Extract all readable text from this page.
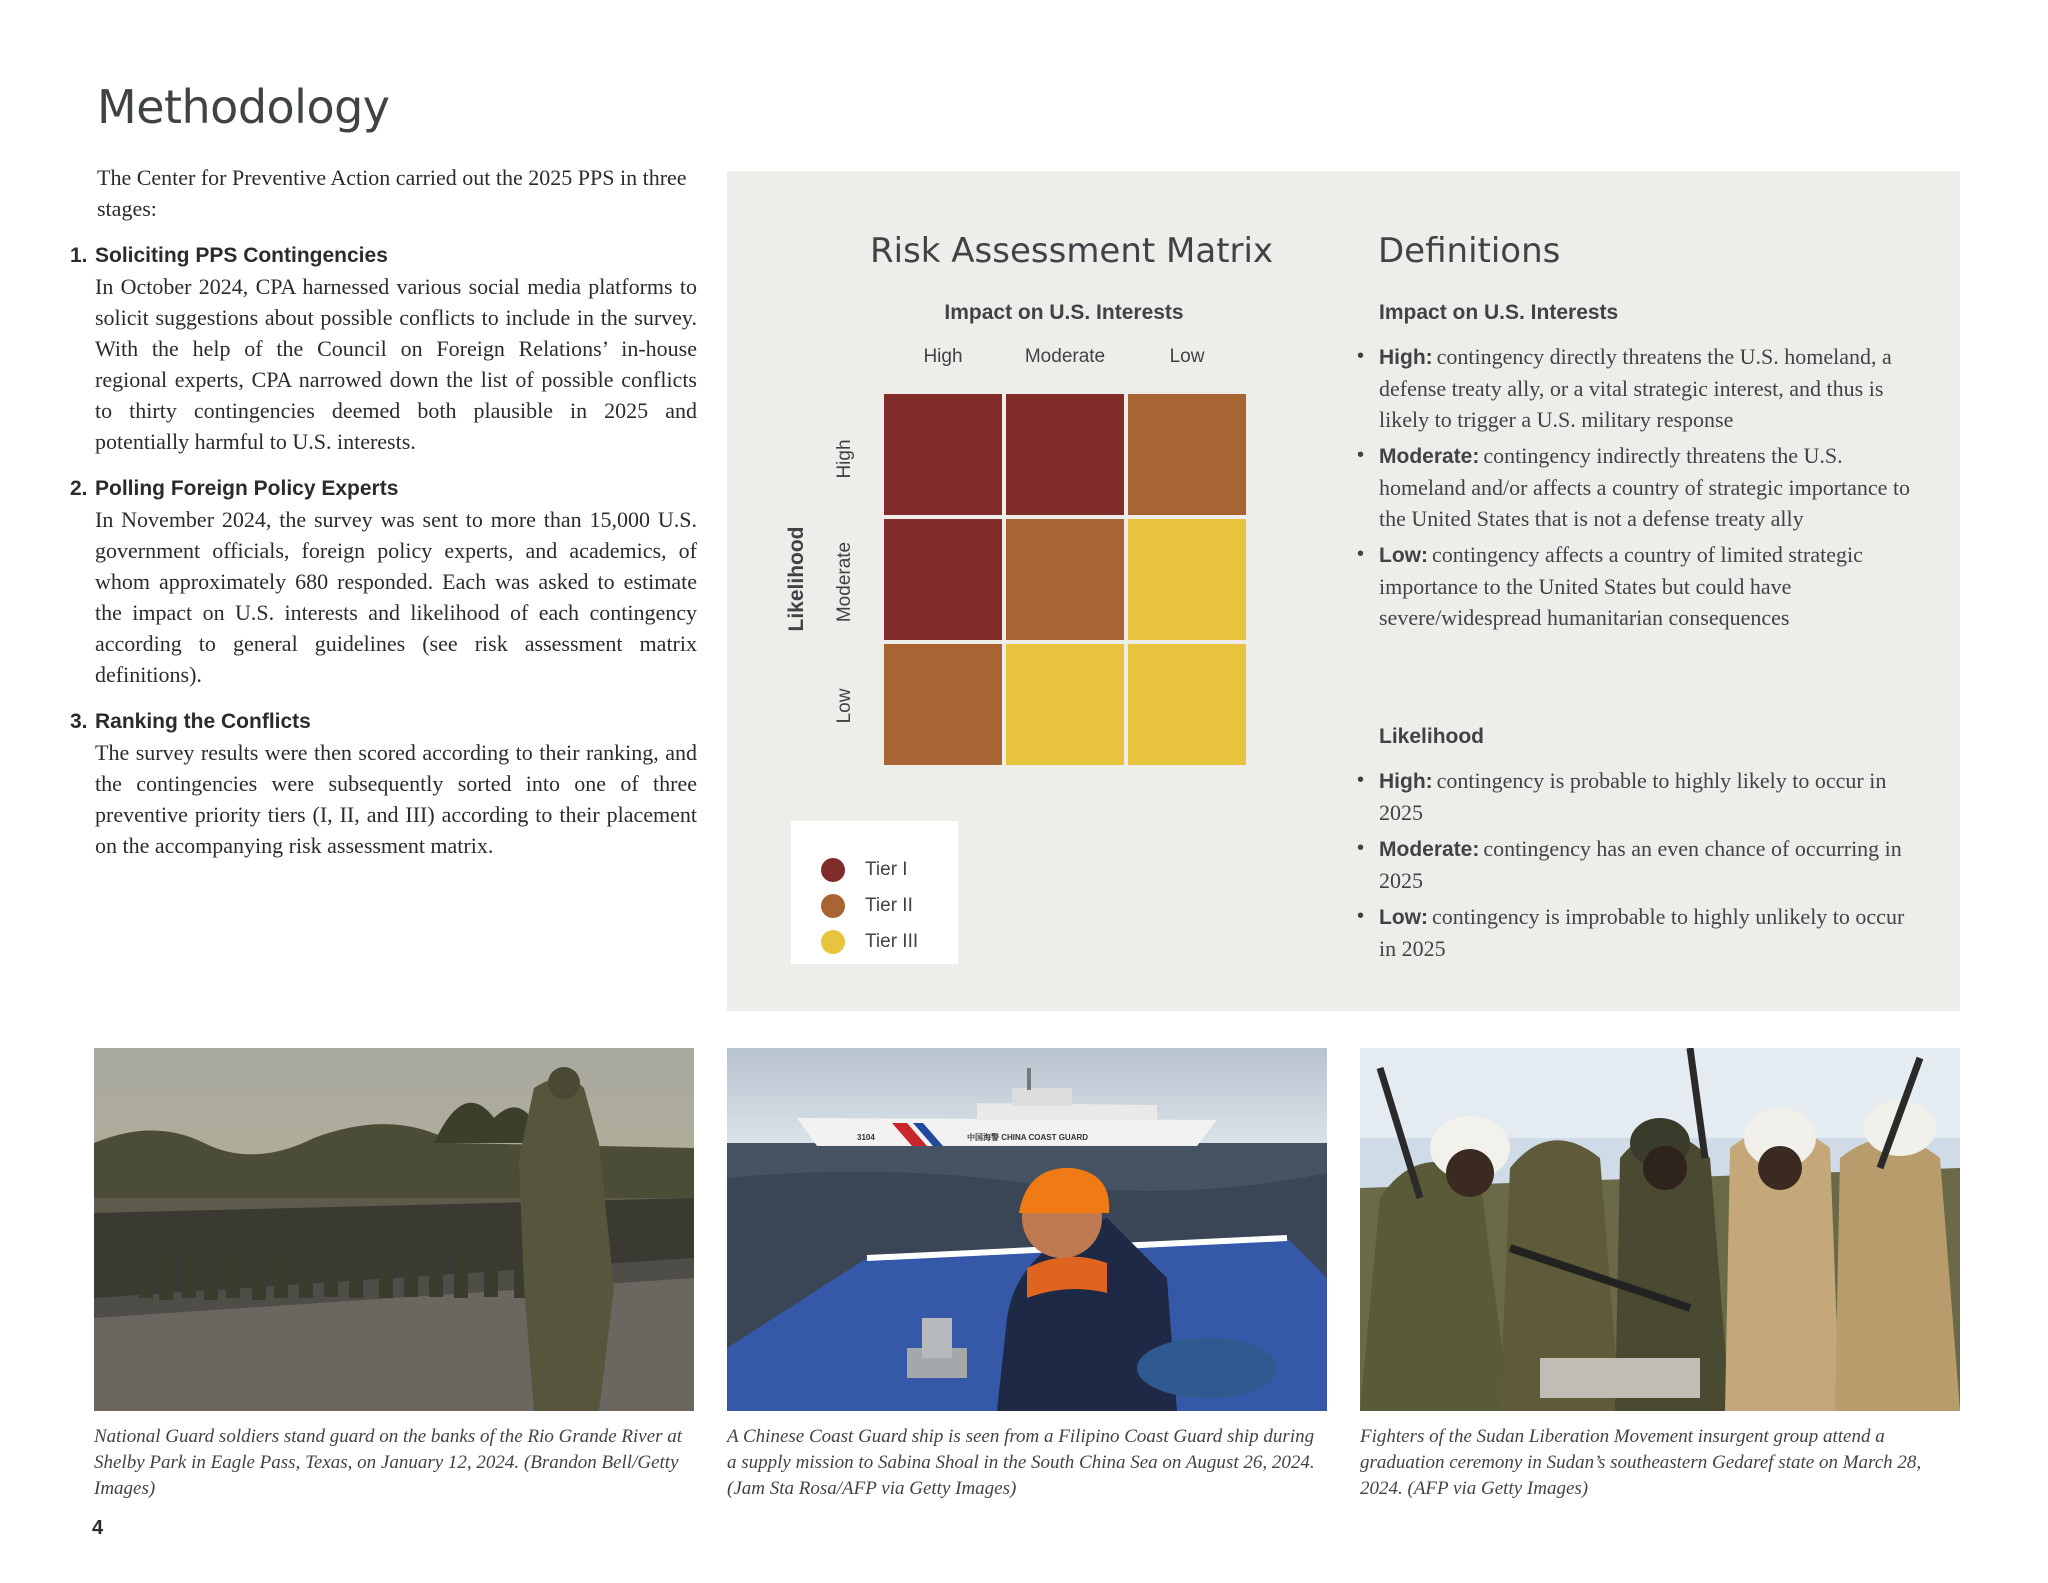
Methodology

The Center for Preventive Action carried out the 2025 PPS in three stages:

1. Soliciting PPS Contingencies

In October 2024, CPA harnessed various social media platforms to solicit suggestions about possible conflicts to include in the survey. With the help of the Council on Foreign Relations’ in-house regional experts, CPA narrowed down the list of possible conflicts to thirty contingencies deemed both plausible in 2025 and potentially harmful to U.S. interests.

2. Polling Foreign Policy Experts

In November 2024, the survey was sent to more than 15,000 U.S. government officials, foreign policy experts, and academics, of whom approximately 680 responded. Each was asked to estimate the impact on U.S. interests and likelihood of each contingency according to general guidelines (see risk assessment matrix definitions).

3. Ranking the Conflicts

The survey results were then scored according to their ranking, and the contingencies were subsequently sorted into one of three preventive priority tiers (I, II, and III) according to their placement on the accompanying risk assessment matrix.

Risk Assessment Matrix
Impact on U.S. Interests
High	Moderate	Low
Likelihood
High
Moderate
Low
Tier I
Tier II
Tier III
Definitions
Impact on U.S. Interests
• High: contingency directly threatens the U.S. homeland, a defense treaty ally, or a vital strategic interest, and thus is likely to trigger a U.S. military response
• Moderate: contingency indirectly threatens the U.S. homeland and/or affects a country of strategic importance to the United States that is not a defense treaty ally
• Low: contingency affects a country of limited strategic importance to the United States but could have severe/widespread humanitarian consequences
Likelihood
• High: contingency is probable to highly likely to occur in 2025
• Moderate: contingency has an even chance of occurring in 2025
• Low: contingency is improbable to highly unlikely to occur in 2025
3104	中国海警 CHINA COAST GUARD

National Guard soldiers stand guard on the banks of the Rio Grande River at Shelby Park in Eagle Pass, Texas, on January 12, 2024. (Brandon Bell/Getty Images)

A Chinese Coast Guard ship is seen from a Filipino Coast Guard ship during a supply mission to Sabina Shoal in the South China Sea on August 26, 2024. (Jam Sta Rosa/AFP via Getty Images)

Fighters of the Sudan Liberation Movement insurgent group attend a graduation ceremony in Sudan’s southeastern Gedaref state on March 28, 2024. (AFP via Getty Images)

4
